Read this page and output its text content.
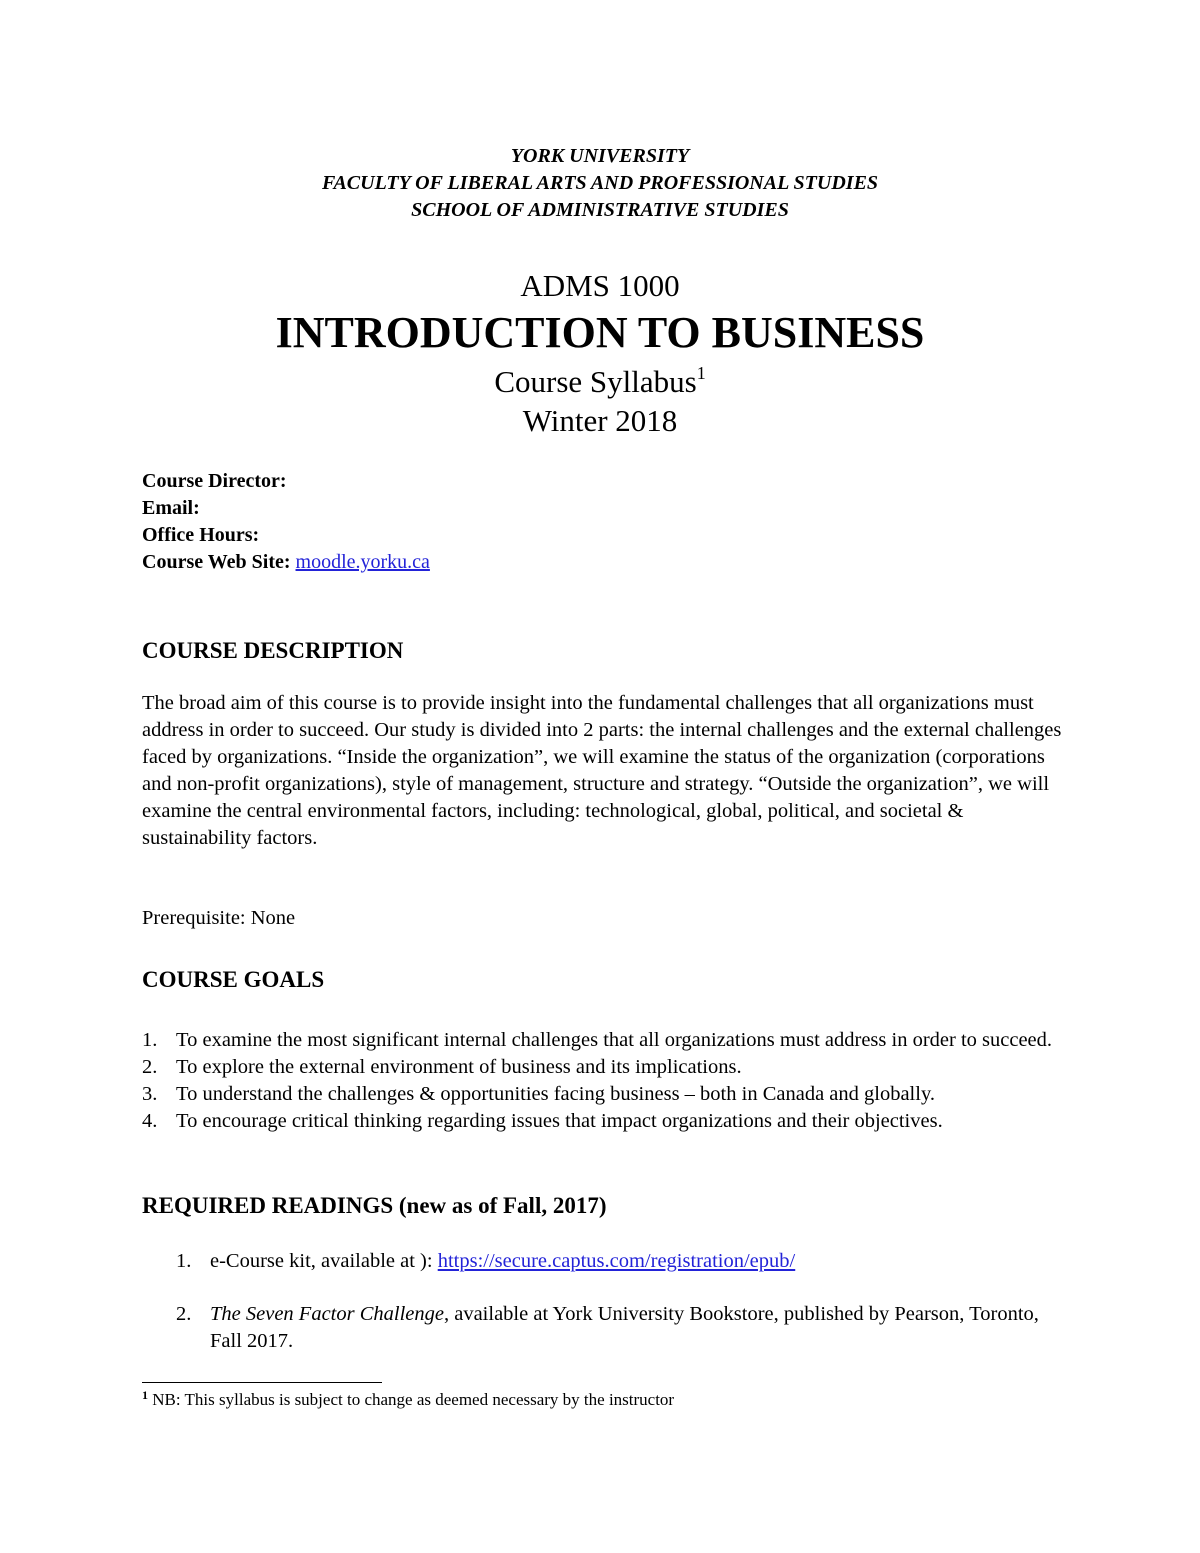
YORK UNIVERSITY
FACULTY OF LIBERAL ARTS AND PROFESSIONAL STUDIES
SCHOOL OF ADMINISTRATIVE STUDIES
ADMS 1000
INTRODUCTION TO BUSINESS
Course Syllabus$^1$
Winter 2018
Course Director:
Email:
Office Hours:
Course Web Site: moodle.yorku.ca
COURSE DESCRIPTION
The broad aim of this course is to provide insight into the fundamental challenges that all organizations must address in order to succeed. Our study is divided into 2 parts: the internal challenges and the external challenges faced by organizations. “Inside the organization”, we will examine the status of the organization (corporations and non-profit organizations), style of management, structure and strategy. “Outside the organization”, we will examine the central environmental factors, including: technological, global, political, and societal & sustainability factors.
Prerequisite: None
COURSE GOALS
1. To examine the most significant internal challenges that all organizations must address in order to succeed.
2. To explore the external environment of business and its implications.
3. To understand the challenges & opportunities facing business – both in Canada and globally.
4. To encourage critical thinking regarding issues that impact organizations and their objectives.
REQUIRED READINGS (new as of Fall, 2017)
1. e-Course kit, available at ): https://secure.captus.com/registration/epub/
2. The Seven Factor Challenge, available at York University Bookstore, published by Pearson, Toronto, Fall 2017.
$^1$ NB: This syllabus is subject to change as deemed necessary by the instructor
